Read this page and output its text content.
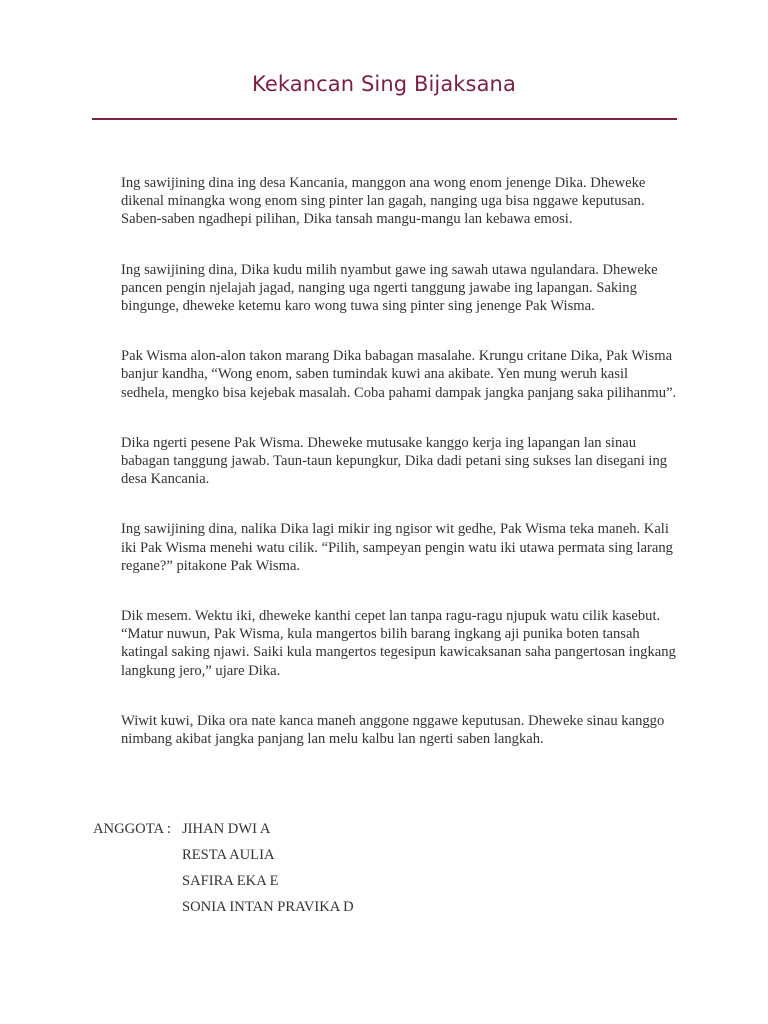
Kekancan Sing Bijaksana

Ing sawijining dina ing desa Kancania, manggon ana wong enom jenenge Dika. Dheweke dikenal minangka wong enom sing pinter lan gagah, nanging uga bisa nggawe keputusan. Saben-saben ngadhepi pilihan, Dika tansah mangu-mangu lan kebawa emosi.

Ing sawijining dina, Dika kudu milih nyambut gawe ing sawah utawa ngulandara. Dheweke pancen pengin njelajah jagad, nanging uga ngerti tanggung jawabe ing lapangan. Saking bingunge, dheweke ketemu karo wong tuwa sing pinter sing jenenge Pak Wisma.

Pak Wisma alon-alon takon marang Dika babagan masalahe. Krungu critane Dika, Pak Wisma banjur kandha, “Wong enom, saben tumindak kuwi ana akibate. Yen mung weruh kasil sedhela, mengko bisa kejebak masalah. Coba pahami dampak jangka panjang saka pilihanmu”.

Dika ngerti pesene Pak Wisma. Dheweke mutusake kanggo kerja ing lapangan lan sinau babagan tanggung jawab. Taun-taun kepungkur, Dika dadi petani sing sukses lan disegani ing desa Kancania.

Ing sawijining dina, nalika Dika lagi mikir ing ngisor wit gedhe, Pak Wisma teka maneh. Kali iki Pak Wisma menehi watu cilik. “Pilih, sampeyan pengin watu iki utawa permata sing larang regane?” pitakone Pak Wisma.

Dik mesem. Wektu iki, dheweke kanthi cepet lan tanpa ragu-ragu njupuk watu cilik kasebut. “Matur nuwun, Pak Wisma, kula mangertos bilih barang ingkang aji punika boten tansah katingal saking njawi. Saiki kula mangertos tegesipun kawicaksanan saha pangertosan ingkang langkung jero,” ujare Dika.

Wiwit kuwi, Dika ora nate kanca maneh anggone nggawe keputusan. Dheweke sinau kanggo nimbang akibat jangka panjang lan melu kalbu lan ngerti saben langkah.

ANGGOTA :JIHAN DWI A
RESTA AULIA
SAFIRA EKA E
SONIA INTAN PRAVIKA D
